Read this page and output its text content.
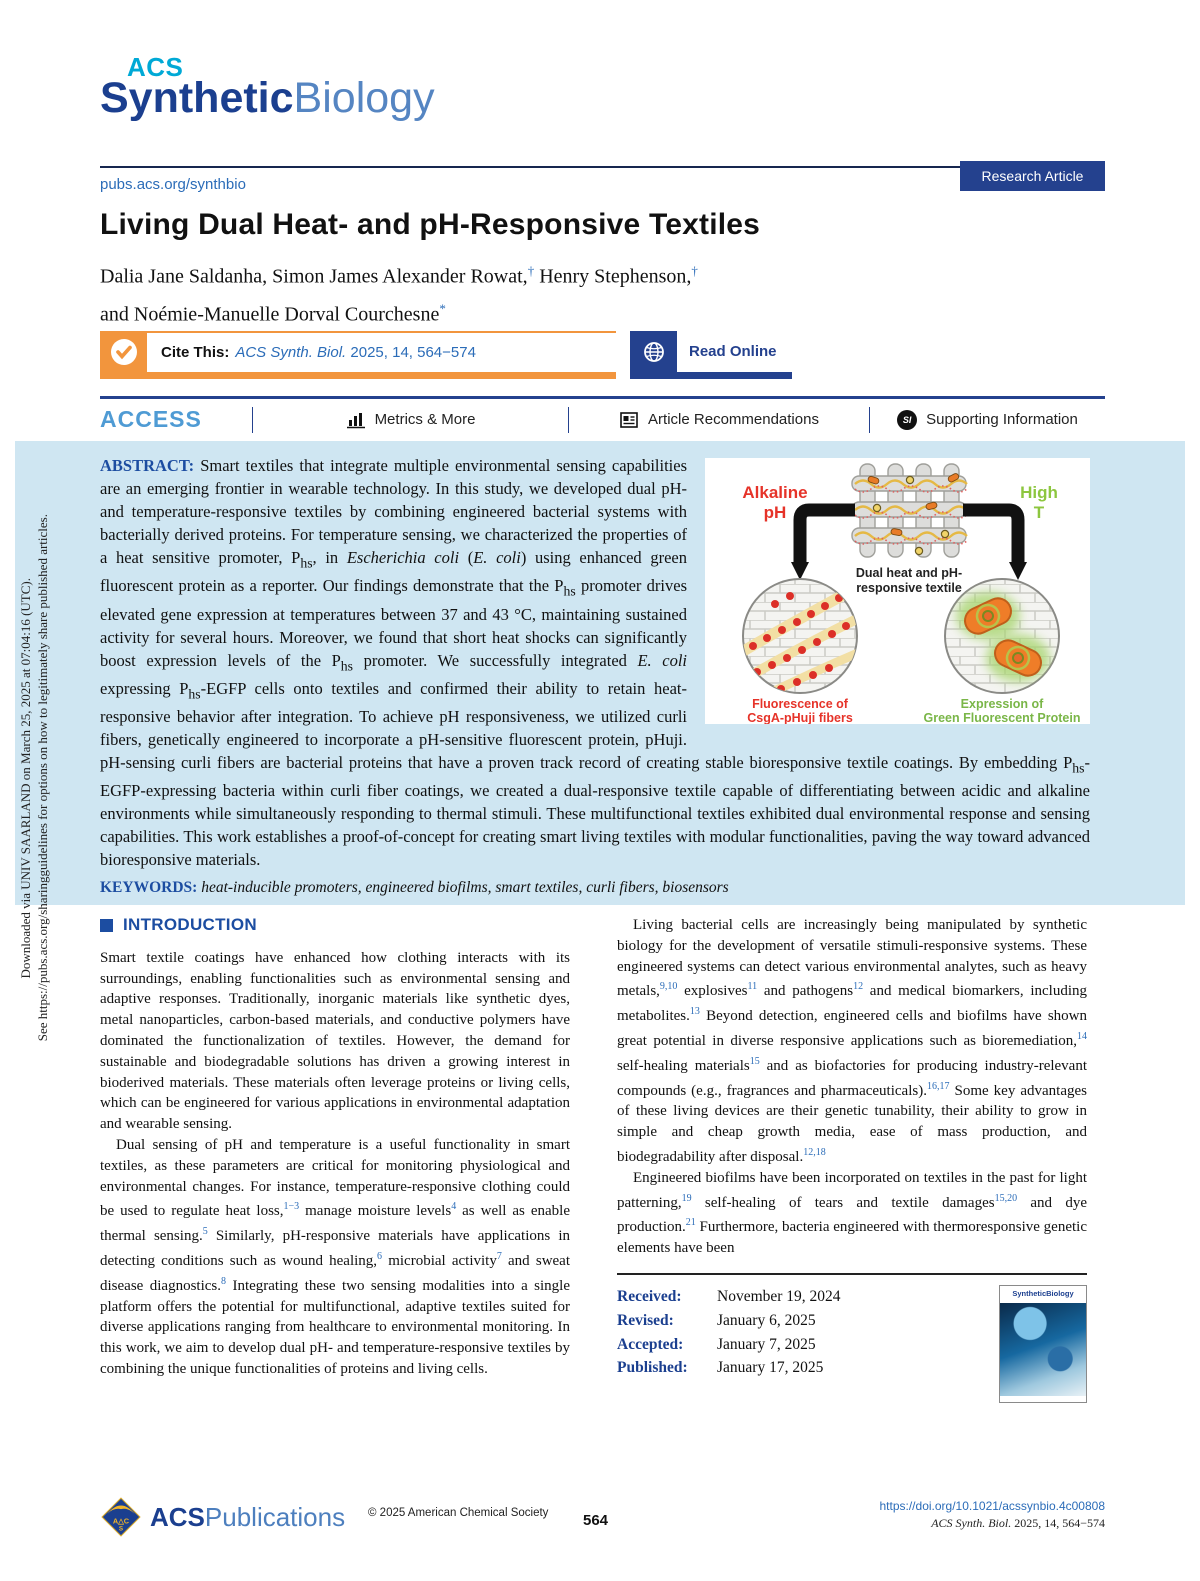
Downloaded via UNIV SAARLAND on March 25, 2025 at 07:04:16 (UTC). See https://pubs.acs.org/sharingguidelines for options on how to legitimately share published articles.
ACS
SyntheticBiology
pubs.acs.org/synthbio	Research Article
Living Dual Heat- and pH-Responsive Textiles
Dalia Jane Saldanha, Simon James Alexander Rowat,† Henry Stephenson,†
and Noémie-Manuelle Dorval Courchesne*
Cite This: ACS Synth. Biol. 2025, 14, 564−574	Read Online
ACCESS	Metrics & More	Article Recommendations	SI Supporting Information
Alkaline
pH
High
T
Dual heat and pH-
responsive textile
Fluorescence of
CsgA-pHuji fibers
Expression of
Green Fluorescent Protein
ABSTRACT: Smart textiles that integrate multiple environmental sensing capabilities are an emerging frontier in wearable technology. In this study, we developed dual pH- and temperature-responsive textiles by combining engineered bacterial systems with bacterially derived proteins. For temperature sensing, we characterized the properties of a heat sensitive promoter, $P_{hs}$, in Escherichia coli (E. coli) using enhanced green fluorescent protein as a reporter. Our findings demonstrate that the $P_{hs}$ promoter drives elevated gene expression at temperatures between 37 and 43 °C, maintaining sustained activity for several hours. Moreover, we found that short heat shocks can significantly boost expression levels of the $P_{hs}$ promoter. We successfully integrated E. coli expressing $P_{hs}$-EGFP cells onto textiles and confirmed their ability to retain heat-responsive behavior after integration. To achieve pH responsiveness, we utilized curli fibers, genetically engineered to incorporate a pH-sensitive fluorescent protein, pHuji. pH-sensing curli fibers are bacterial proteins that have a proven track record of creating stable bioresponsive textile coatings. By embedding $P_{hs}-EGFP$-expressing bacteria within curli fiber coatings, we created a dual-responsive textile capable of differentiating between acidic and alkaline environments while simultaneously responding to thermal stimuli. These multifunctional textiles exhibited dual environmental response and sensing capabilities. This work establishes a proof-of-concept for creating smart living textiles with modular functionalities, paving the way toward advanced bioresponsive materials.
KEYWORDS: heat-inducible promoters, engineered biofilms, smart textiles, curli fibers, biosensors
INTRODUCTION

Smart textile coatings have enhanced how clothing interacts with its surroundings, enabling functionalities such as environmental sensing and adaptive responses. Traditionally, inorganic materials like synthetic dyes, metal nanoparticles, carbon-based materials, and conductive polymers have dominated the functionalization of textiles. However, the demand for sustainable and biodegradable solutions has driven a growing interest in bioderived materials. These materials often leverage proteins or living cells, which can be engineered for various applications in environmental adaptation and wearable sensing.

Dual sensing of pH and temperature is a useful functionality in smart textiles, as these parameters are critical for monitoring physiological and environmental changes. For instance, temperature-responsive clothing could be used to regulate heat loss,$^{1-3}$ manage moisture levels$^4$ as well as enable thermal sensing.$^5$ Similarly, pH-responsive materials have applications in detecting conditions such as wound healing,$^6$ microbial activity$^7$ and sweat disease diagnostics.$^8$ Integrating these two sensing modalities into a single platform offers the potential for multifunctional, adaptive textiles suited for diverse applications ranging from healthcare to environmental monitoring. In this work, we aim to develop dual pH- and temperature-responsive textiles by combining the unique functionalities of proteins and living cells.

Living bacterial cells are increasingly being manipulated by synthetic biology for the development of versatile stimuli-responsive systems. These engineered systems can detect various environmental analytes, such as heavy metals,$^{9,10}$ explosives$^{11}$ and pathogens$^{12}$ and medical biomarkers, including metabolites.$^{13}$ Beyond detection, engineered cells and biofilms have shown great potential in diverse responsive applications such as bioremediation,$^{14}$ self-healing materials$^{15}$ and as biofactories for producing industry-relevant compounds (e.g., fragrances and pharmaceuticals).$^{16,17}$ Some key advantages of these living devices are their genetic tunability, their ability to grow in simple and cheap growth media, ease of mass production, and biodegradability after disposal.$^{12,18}$

Engineered biofilms have been incorporated on textiles in the past for light patterning,$^{19}$ self-healing of tears and textile damages$^{15,20}$ and dye production.$^{21}$ Furthermore, bacteria engineered with thermoresponsive genetic elements have been

Received:	November 19, 2024
Revised:	January 6, 2025
Accepted:	January 7, 2025
Published:	January 17, 2025
SyntheticBiology
A△C
S ACSPublications © 2025 American Chemical Society 564
https://doi.org/10.1021/acssynbio.4c00808
ACS Synth. Biol. 2025, 14, 564−574
